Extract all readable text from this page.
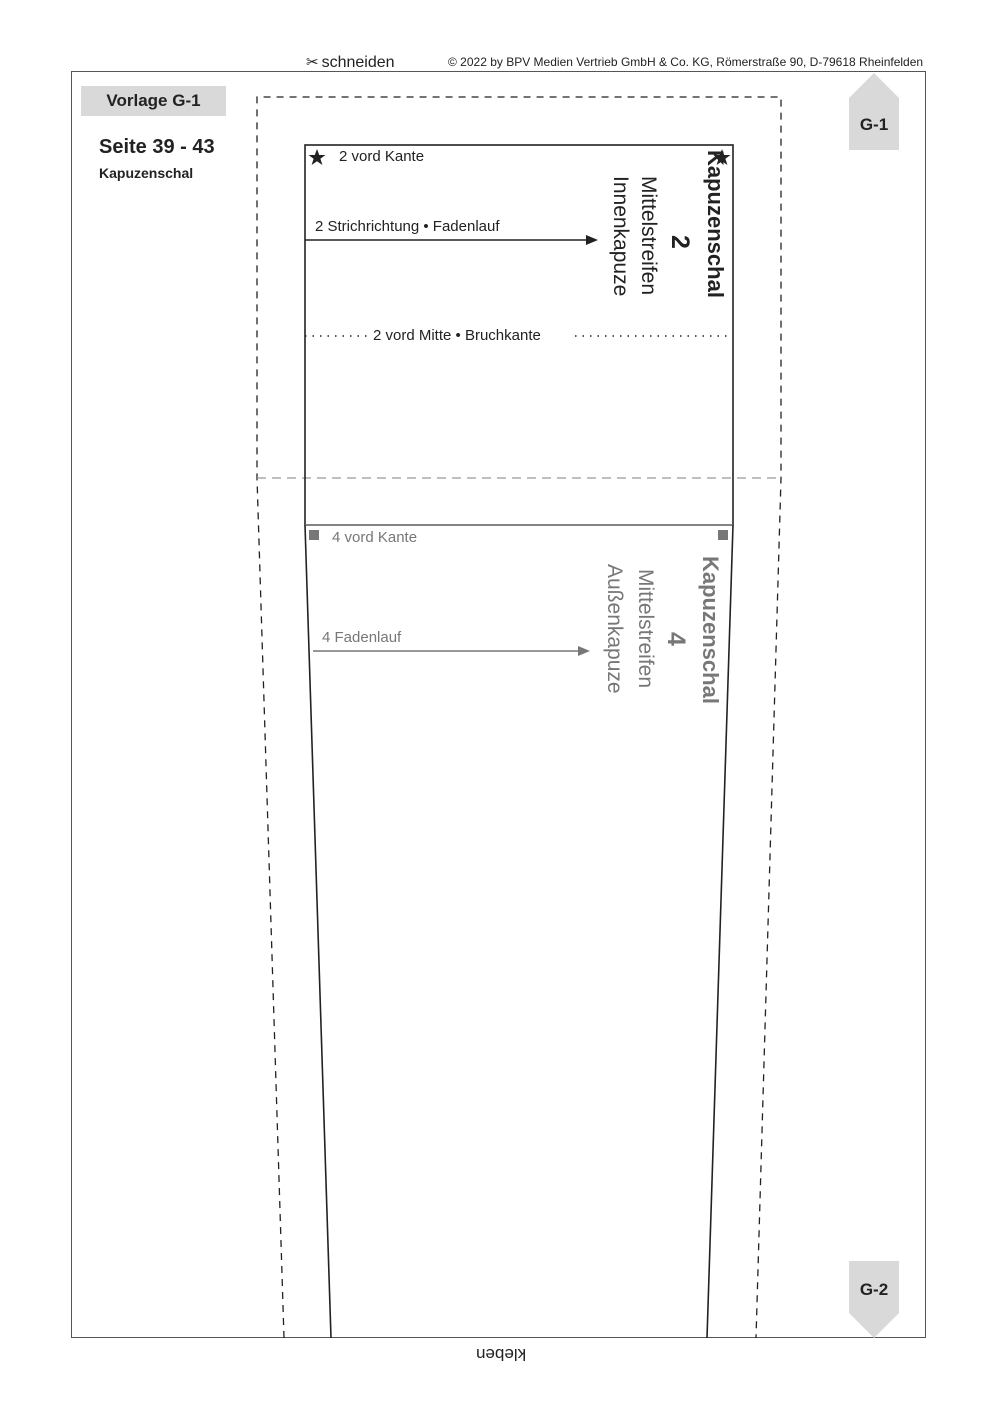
✂ schneiden	© 2022 by BPV Medien Vertrieb GmbH & Co. KG, Römerstraße 90, D-79618 Rheinfelden
Vorlage G-1
Seite 39 - 43
Kapuzenschal
G-1
G-2
2 vord Kante
2 Strichrichtung • Fadenlauf
2 vord Mitte • Bruchkante
Kapuzenschal
2
Mittelstreifen
Innenkapuze
4 vord Kante
4 Fadenlauf	Kapuzenschal
4
Mittelstreifen
Außenkapuze
kleben
